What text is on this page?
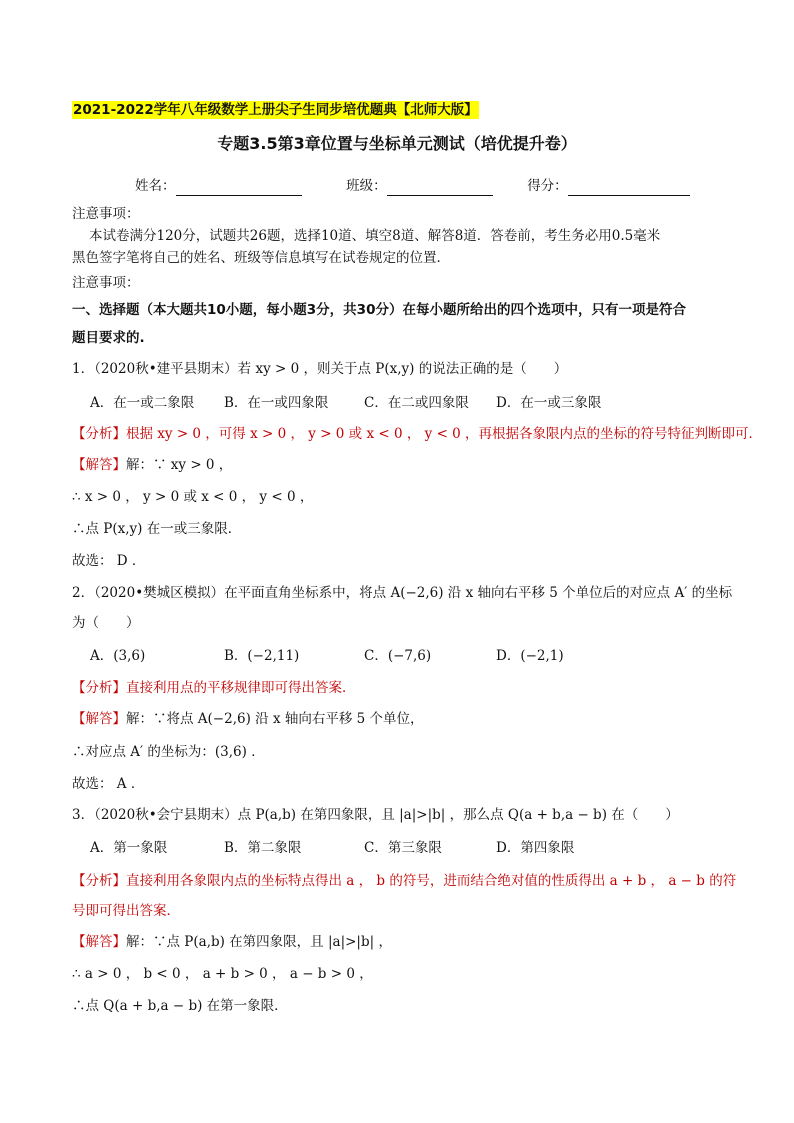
2021-2022学年八年级数学上册尖子生同步培优题典【北师大版】
专题3.5第3章位置与坐标单元测试（培优提升卷）
姓名：	班级：	得分：
注意事项：
本试卷满分120分，试题共26题，选择10道、填空8道、解答8道．答卷前，考生务必用0.5毫米
黑色签字笔将自己的姓名、班级等信息填写在试卷规定的位置．
注意事项：
一、选择题（本大题共10小题，每小题3分，共30分）在每小题所给出的四个选项中，只有一项是符合
题目要求的.
1．（2020秋•建平县期末）若 xy > 0 ，则关于点 P(x,y) 的说法正确的是（　　）
A．在一或二象限 B．在一或四象限	C．在二或四象限 D．在一或三象限
【分析】根据 xy > 0 ，可得 x > 0 ， y > 0 或 x < 0 ， y < 0 ，再根据各象限内点的坐标的符号特征判断即可．
【解答】解：∵ xy > 0 ，
∴ x > 0 ， y > 0 或 x < 0 ， y < 0 ，
∴点 P(x,y) 在一或三象限．
故选： D ．
2．（2020•樊城区模拟）在平面直角坐标系中，将点 A(−2,6) 沿 x 轴向右平移 5 个单位后的对应点 A′ 的坐标
为（　　）
A．(3,6)	B．(−2,11)	C．(−7,6)	D．(−2,1)
【分析】直接利用点的平移规律即可得出答案．
【解答】解：∵将点 A(−2,6) 沿 x 轴向右平移 5 个单位，
∴对应点 A′ 的坐标为：(3,6) ．
故选： A ．
3．（2020秋•会宁县期末）点 P(a,b) 在第四象限，且 |a|>|b| ，那么点 Q(a + b,a − b) 在（　　）
A．第一象限	B．第二象限	C．第三象限	D．第四象限
【分析】直接利用各象限内点的坐标特点得出 a ， b 的符号，进而结合绝对值的性质得出 a + b ， a − b 的符
号即可得出答案．
【解答】解：∵点 P(a,b) 在第四象限，且 |a|>|b| ，
∴ a > 0 ， b < 0 ， a + b > 0 ， a − b > 0 ，
∴点 Q(a + b,a − b) 在第一象限．
